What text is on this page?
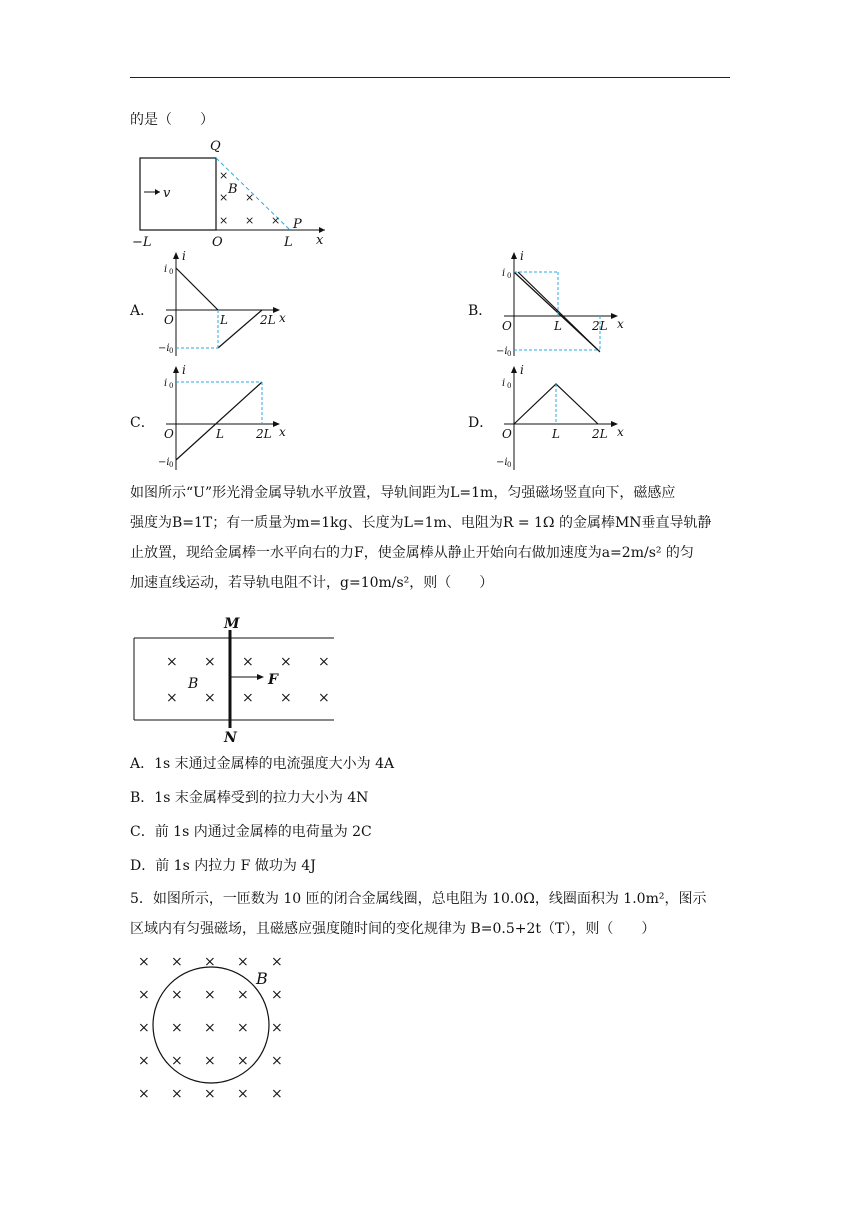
的是（　　）
v
Q
P
B
×
× ×
× × ×
−L	O	L x
A．
i
i 0
−i 0
O	L	2L x	B．
i
i 0
−i 0
O	L	2L x
C．
i
i 0
−i 0
O	L	2L x
D．
i
i 0
−i 0
O	L	2L x
如图所示“U”形光滑金属导轨水平放置，导轨间距为L=1m，匀强磁场竖直向下，磁感应
强度为B=1T；有一质量为m=1kg、长度为L=1m、电阻为R = 1Ω 的金属棒MN垂直导轨静
止放置，现给金属棒一水平向右的力F，使金属棒从静止开始向右做加速度为a=2m/s² 的匀
加速直线运动，若导轨电阻不计，g=10m/s²，则（　　）
M
N
F
B
× × × × ×
× × × × ×
A．1s 末通过金属棒的电流强度大小为 4A
B．1s 末金属棒受到的拉力大小为 4N
C．前 1s 内通过金属棒的电荷量为 2C
D．前 1s 内拉力 F 做功为 4J
5．如图所示，一匝数为 10 匝的闭合金属线圈，总电阻为 10.0Ω，线圈面积为 1.0m²，图示
区域内有匀强磁场，且磁感应强度随时间的变化规律为 B=0.5+2t（T），则（　　）
B
× × × × ×
× × × × ×
× × × × ×
× × × × ×
× × × × ×
